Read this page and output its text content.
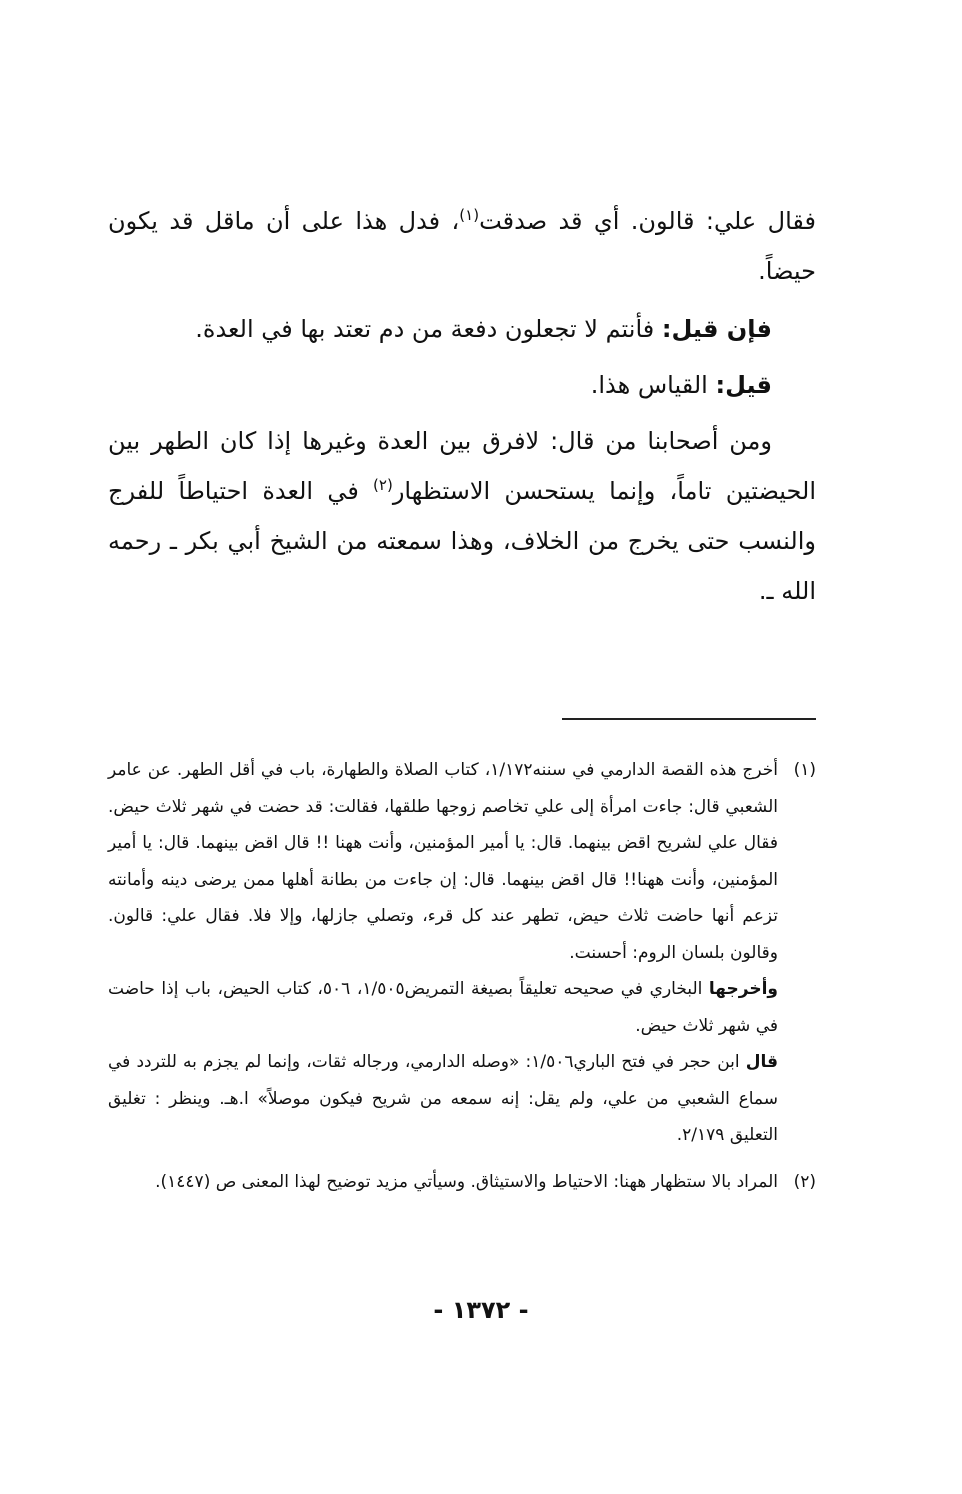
فقال علي: قالون. أي قد صدقت$^{(١)}$، فدل هذا على أن ماقل قد يكون حيضاً.

فإن قيل: فأنتم لا تجعلون دفعة من دم تعتد بها في العدة.

قيل: القياس هذا.

ومن أصحابنا من قال: لافرق بين العدة وغيرها إذا كان الطهر بين الحيضتين تاماً، وإنما يستحسن الاستظهار$^{(٢)}$ في العدة احتياطاً للفرج والنسب حتى يخرج من الخلاف، وهذا سمعته من الشيخ أبي بكر ـ رحمه الله ـ.

(١)

أخرج هذه القصة الدارمي في سننه١/١٧٢، كتاب الصلاة والطهارة، باب في أقل الطهر. عن عامر الشعبي قال: جاءت امرأة إلى علي تخاصم زوجها طلقها، فقالت: قد حضت في شهر ثلاث حيض. فقال علي لشريح اقض بينهما. قال: يا أمير المؤمنين، وأنت ههنا !! قال اقض بينهما. قال: يا أمير المؤمنين، وأنت ههنا!! قال اقض بينهما. قال: إن جاءت من بطانة أهلها ممن يرضى دينه وأمانته تزعم أنها حاضت ثلاث حيض، تطهر عند كل قرء، وتصلي جازلها، وإلا فلا. فقال علي: قالون. وقالون بلسان الروم: أحسنت.

وأخرجها البخاري في صحيحه تعليقاً بصيغة التمريض١/٥٠٥، ٥٠٦، كتاب الحيض، باب إذا حاضت في شهر ثلاث حيض.

قال ابن حجر في فتح الباري١/٥٠٦: «وصله الدارمي، ورجاله ثقات، وإنما لم يجزم به للتردد في سماع الشعبي من علي، ولم يقل: إنه سمعه من شريح فيكون موصلاً» ا.هـ. وينظر : تغليق التعليق ٢/١٧٩.

(٢)

المراد بالا ستظهار ههنا: الاحتياط والاستيثاق. وسيأتي مزيد توضيح لهذا المعنى ص (١٤٤٧).

- ١٣٧٢ -
